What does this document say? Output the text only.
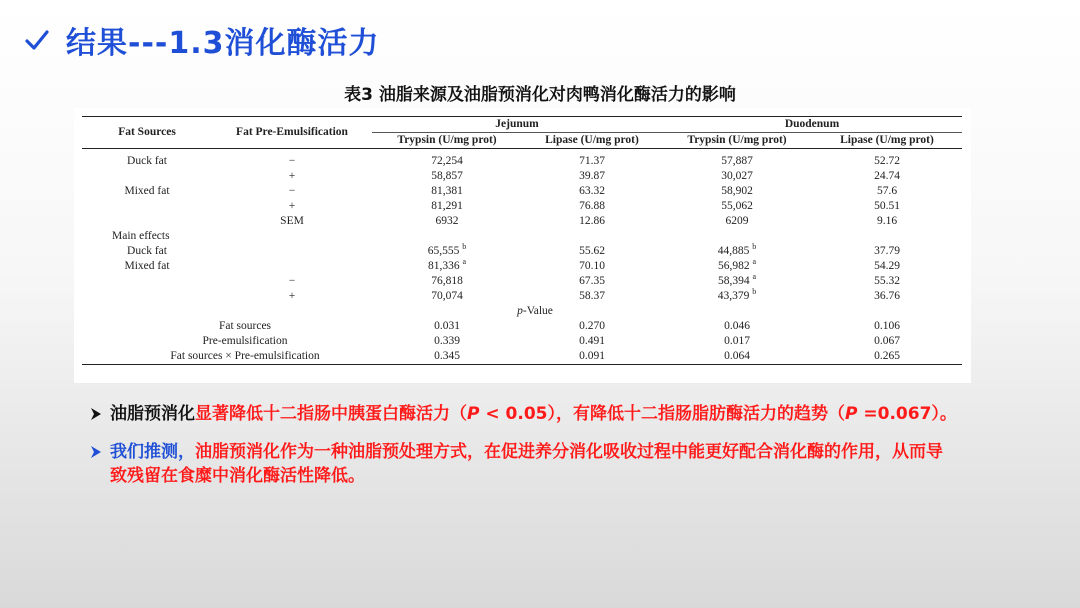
结果---1.3消化酶活力
表3 油脂来源及油脂预消化对肉鸭消化酶活力的影响
Fat Sources	Fat Pre-Emulsification	Jejunum		Duodenum	
		Trypsin (U/mg prot)	Lipase (U/mg prot)	Trypsin (U/mg prot)	Lipase (U/mg prot)

Duck fat	−	72,254	71.37	57,887	52.72
	+	58,857	39.87	30,027	24.74
Mixed fat	−	81,381	63.32	58,902	57.6
	+	81,291	76.88	55,062	50.51
	SEM	6932	12.86	6209	9.16
Main effects					
Duck fat		65,555 $^b$	55.62	44,885 $^b$	37.79
Mixed fat		81,336 $^a$	70.10	56,982 $^a$	54.29
	−	76,818	67.35	58,394 $^a$	55.32
	+	70,074	58.37	43,379 $^b$	36.76
p-Value					
Fat sources		0.031	0.270	0.046	0.106
Pre-emulsification		0.339	0.491	0.017	0.067
Fat sources × Pre-emulsification		0.345	0.091	0.064	0.265
油脂预消化显著降低十二指肠中胰蛋白酶活力（P < 0.05），有降低十二指肠脂肪酶活力的趋势（P =0.067）。
我们推测，油脂预消化作为一种油脂预处理方式，在促进养分消化吸收过程中能更好配合消化酶的作用，从而导致残留在食糜中消化酶活性降低。
